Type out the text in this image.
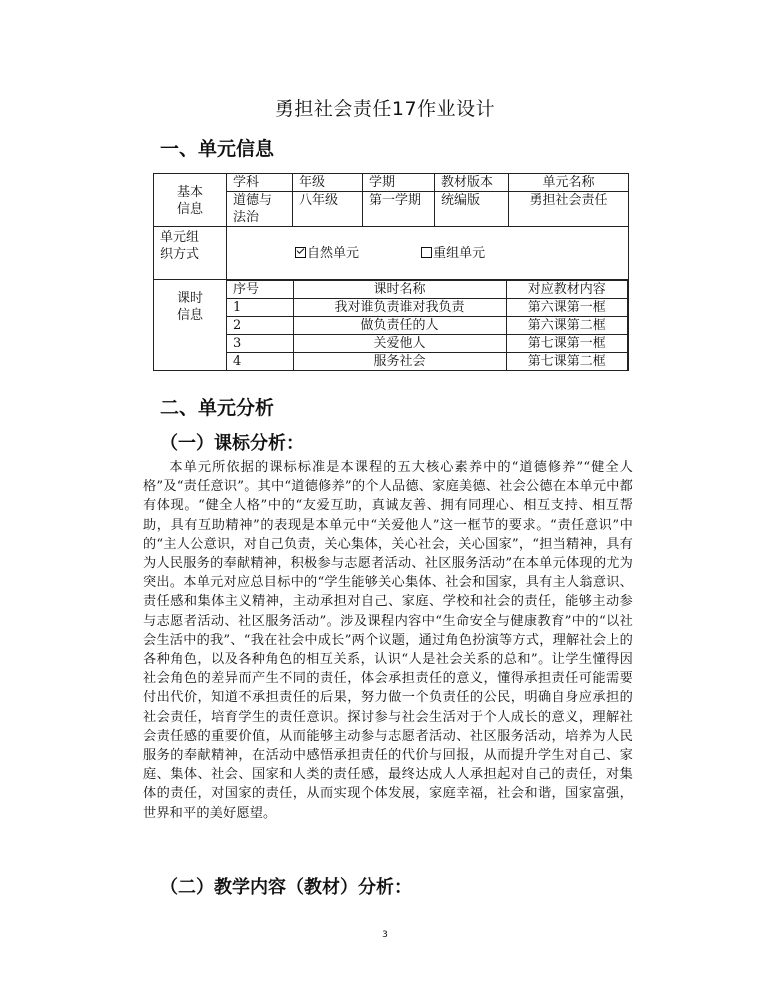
勇担社会责任17作业设计
一、单元信息
基本
信息
	学科	年级	学期	教材版本	单元名称
道德与
法治	八年级	第一学期	统编版	勇担社会责任

单元组
织方式	自然单元	重组单元

课时
信息

序号	课时名称	对应教材内容
1	我对谁负责谁对我负责	第六课第一框
2	做负责任的人	第六课第二框
3	关爱他人	第七课第一框
4	服务社会	第七课第二框
二、单元分析
（一）课标分析：

本单元所依据的课标标准是本课程的五大核心素养中的“道德修养”“健全人格”及“责任意识”。其中“道德修养”的个人品德、家庭美德、社会公德在本单元中都有体现。“健全人格”中的“友爱互助，真诚友善、拥有同理心、相互支持、相互帮助，具有互助精神”的表现是本单元中“关爱他人”这一框节的要求。“责任意识”中的“主人公意识，对自己负责，关心集体，关心社会，关心国家”，“担当精神，具有为人民服务的奉献精神，积极参与志愿者活动、社区服务活动”在本单元体现的尤为突出。本单元对应总目标中的“学生能够关心集体、社会和国家，具有主人翁意识、责任感和集体主义精神，主动承担对自己、家庭、学校和社会的责任，能够主动参与志愿者活动、社区服务活动”。涉及课程内容中“生命安全与健康教育”中的“以社会生活中的我”、“我在社会中成长”两个议题，通过角色扮演等方式，理解社会上的各种角色，以及各种角色的相互关系，认识“人是社会关系的总和”。让学生懂得因社会角色的差异而产生不同的责任，体会承担责任的意义，懂得承担责任可能需要付出代价，知道不承担责任的后果，努力做一个负责任的公民，明确自身应承担的社会责任，培育学生的责任意识。探讨参与社会生活对于个人成长的意义，理解社会责任感的重要价值，从而能够主动参与志愿者活动、社区服务活动，培养为人民服务的奉献精神，在活动中感悟承担责任的代价与回报，从而提升学生对自己、家庭、集体、社会、国家和人类的责任感，最终达成人人承担起对自己的责任，对集体的责任，对国家的责任，从而实现个体发展，家庭幸福，社会和谐，国家富强，世界和平的美好愿望。

（二）教学内容（教材）分析：
3
